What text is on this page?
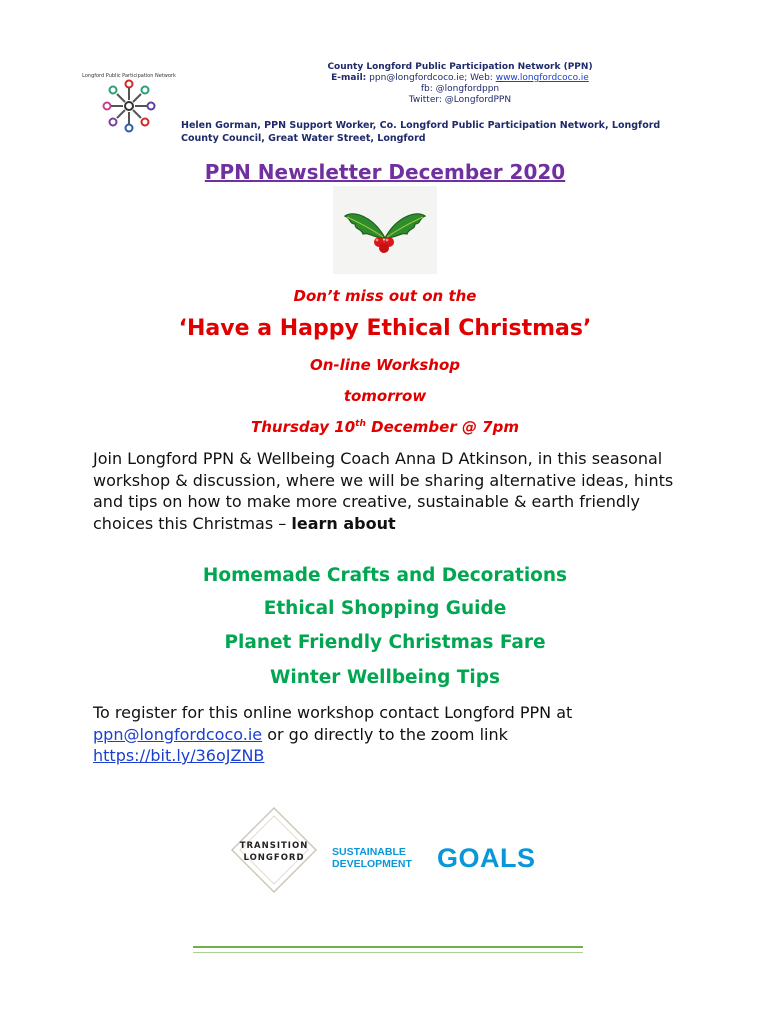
Longford Public Participation Network
County Longford Public Participation Network (PPN)
E-mail: ppn@longfordcoco.ie; Web: www.longfordcoco.ie
fb: @longfordppn
Twitter: @LongfordPPN
Helen Gorman, PPN Support Worker, Co. Longford Public Participation Network, Longford
County Council, Great Water Street, Longford
PPN Newsletter December 2020
Don’t miss out on the
‘Have a Happy Ethical Christmas’
On-line Workshop
tomorrow
Thursday 10th December @ 7pm
Join Longford PPN & Wellbeing Coach Anna D Atkinson, in this seasonal workshop & discussion, where we will be sharing alternative ideas, hints and tips on how to make more creative, sustainable & earth friendly choices this Christmas – learn about
Homemade Crafts and Decorations
Ethical Shopping Guide
Planet Friendly Christmas Fare
Winter Wellbeing Tips
To register for this online workshop contact Longford PPN at
ppn@longfordcoco.ie or go directly to the zoom link
https://bit.ly/36oJZNB
TRANSITION
LONGFORD	SUSTAINABLE
DEVELOPMENT GOALS
